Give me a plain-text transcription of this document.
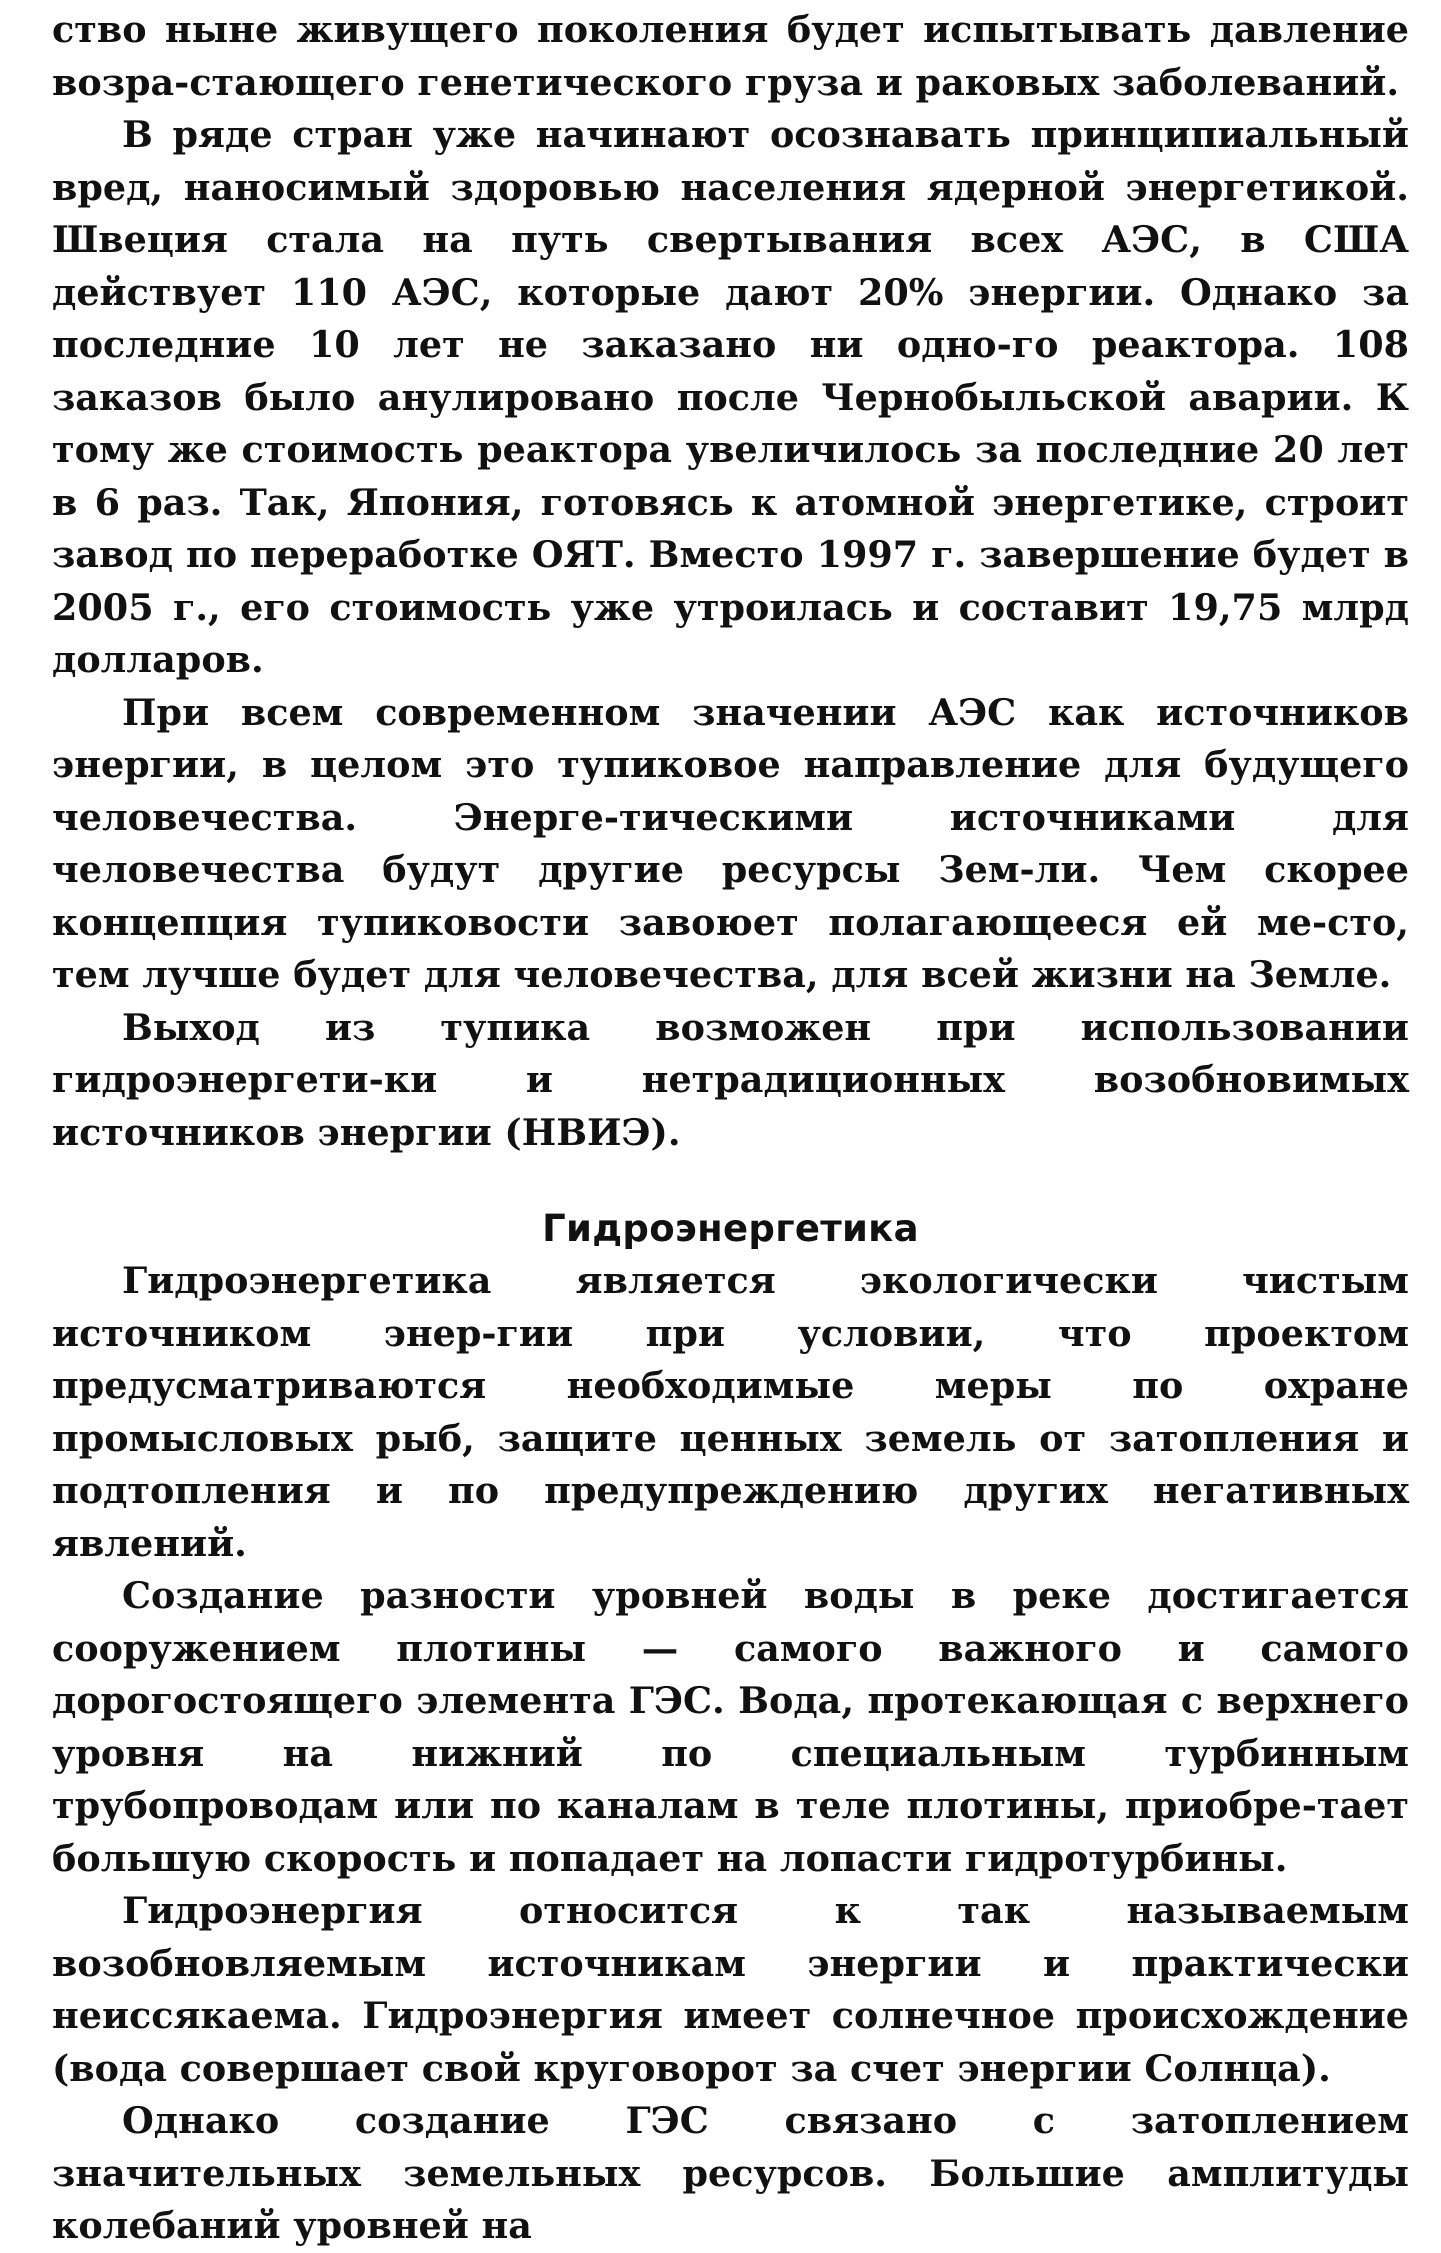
ство ныне живущего поколения будет испытывать давление возра-стающего генетического груза и раковых заболеваний.

В ряде стран уже начинают осознавать принципиальный вред, наносимый здоровью населения ядерной энергетикой. Швеция стала на путь свертывания всех АЭС, в США действует 110 АЭС, которые дают 20% энергии. Однако за последние 10 лет не заказано ни одно-го реактора. 108 заказов было анулировано после Чернобыльской аварии. К тому же стоимость реактора увеличилось за последние 20 лет в 6 раз. Так, Япония, готовясь к атомной энергетике, строит завод по переработке ОЯТ. Вместо 1997 г. завершение будет в 2005 г., его стоимость уже утроилась и составит 19,75 млрд долларов.

При всем современном значении АЭС как источников энергии, в целом это тупиковое направление для будущего человечества. Энерге-тическими источниками для человечества будут другие ресурсы Зем-ли. Чем скорее концепция тупиковости завоюет полагающееся ей ме-сто, тем лучше будет для человечества, для всей жизни на Земле.

Выход из тупика возможен при использовании гидроэнергети-ки и нетрадиционных возобновимых источников энергии (НВИЭ).

Гидроэнергетика

Гидроэнергетика является экологически чистым источником энер-гии при условии, что проектом предусматриваются необходимые меры по охране промысловых рыб, защите ценных земель от затопления и подтопления и по предупреждению других негативных явлений.

Создание разности уровней воды в реке достигается сооружением плотины — самого важного и самого дорогостоящего элемента ГЭС. Вода, протекающая с верхнего уровня на нижний по специальным турбинным трубопроводам или по каналам в теле плотины, приобре-тает большую скорость и попадает на лопасти гидротурбины.

Гидроэнергия относится к так называемым возобновляемым источникам энергии и практически неиссякаема. Гидроэнергия имеет солнечное происхождение (вода совершает свой круговорот за счет энергии Солнца).

Однако создание ГЭС связано с затоплением значительных земельных ресурсов. Большие амплитуды колебаний уровней на
